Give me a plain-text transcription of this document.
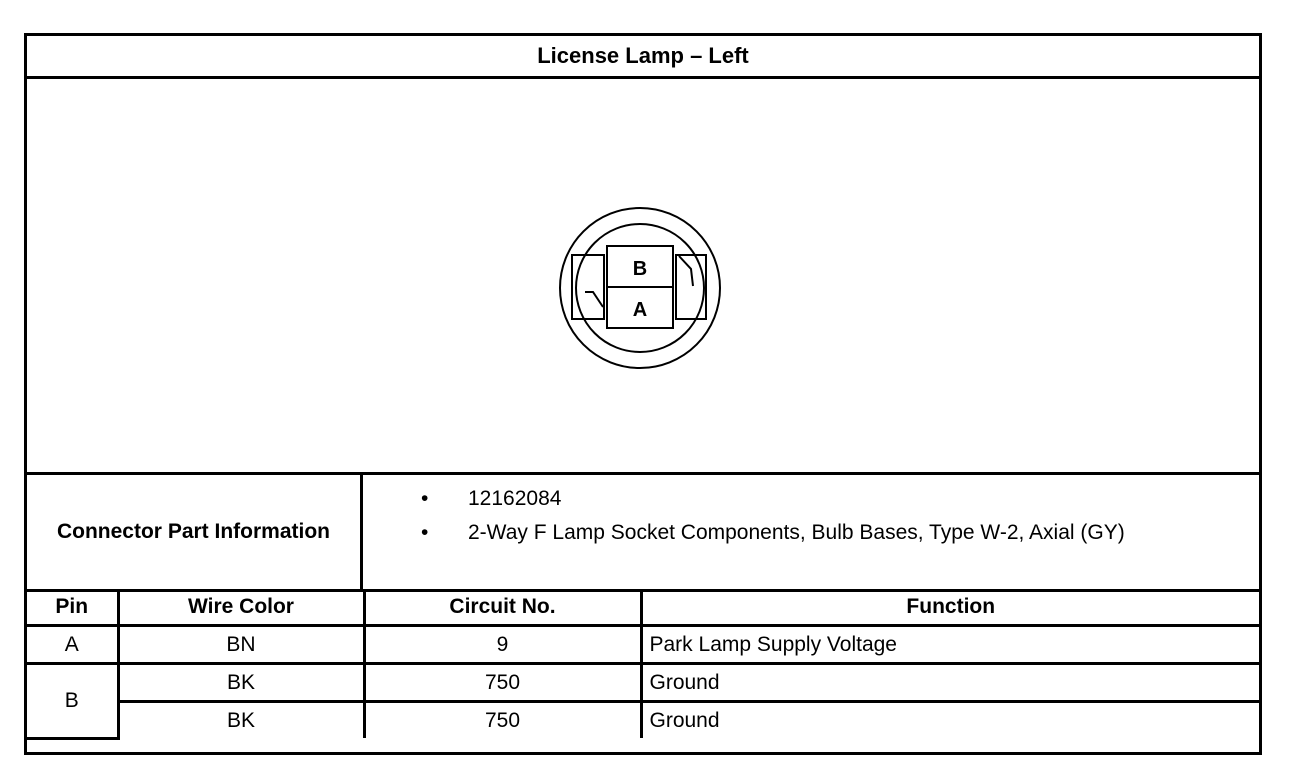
License Lamp – Left
B
A
Connector Part Information
• 12162084
• 2-Way F Lamp Socket Components, Bulb Bases, Type W-2, Axial (GY)
Pin	Wire Color	Circuit No.	Function
A	BN	9	Park Lamp Supply Voltage
B	BK	750	Ground
	BK	750	Ground
